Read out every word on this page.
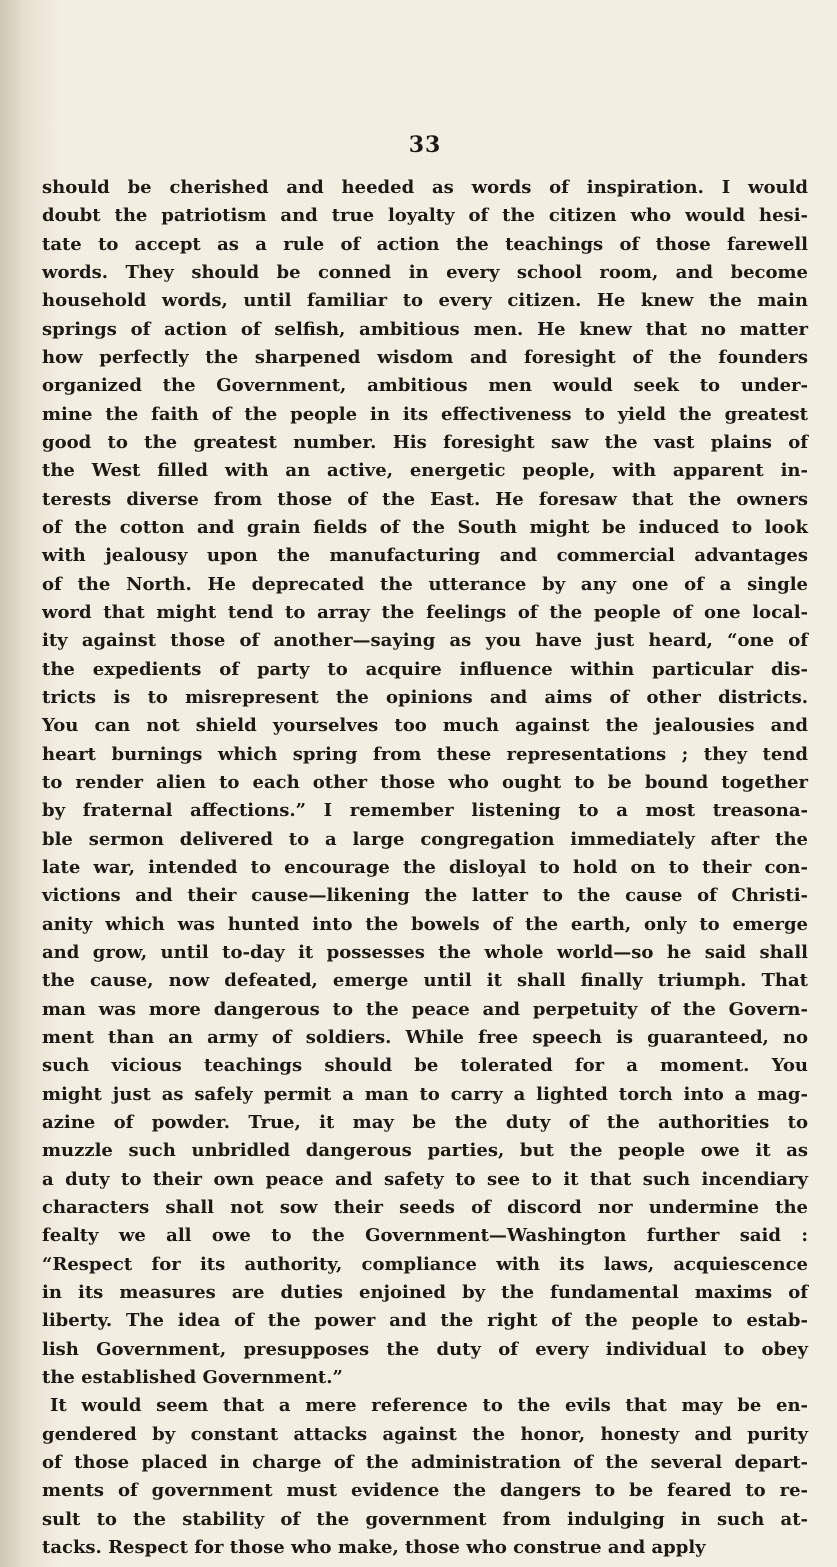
33
should be cherished and heeded as words of inspiration. I would
doubt the patriotism and true loyalty of the citizen who would hesi-
tate to accept as a rule of action the teachings of those farewell
words. They should be conned in every school room, and become
household words, until familiar to every citizen. He knew the main
springs of action of selfish, ambitious men. He knew that no matter
how perfectly the sharpened wisdom and foresight of the founders
organized the Government, ambitious men would seek to under-
mine the faith of the people in its effectiveness to yield the greatest
good to the greatest number. His foresight saw the vast plains of
the West filled with an active, energetic people, with apparent in-
terests diverse from those of the East. He foresaw that the owners
of the cotton and grain fields of the South might be induced to look
with jealousy upon the manufacturing and commercial advantages
of the North. He deprecated the utterance by any one of a single
word that might tend to array the feelings of the people of one local-
ity against those of another—saying as you have just heard, “one of
the expedients of party to acquire influence within particular dis-
tricts is to misrepresent the opinions and aims of other districts.
You can not shield yourselves too much against the jealousies and
heart burnings which spring from these representations ; they tend
to render alien to each other those who ought to be bound together
by fraternal affections.” I remember listening to a most treasona-
ble sermon delivered to a large congregation immediately after the
late war, intended to encourage the disloyal to hold on to their con-
victions and their cause—likening the latter to the cause of Christi-
anity which was hunted into the bowels of the earth, only to emerge
and grow, until to-day it possesses the whole world—so he said shall
the cause, now defeated, emerge until it shall finally triumph. That
man was more dangerous to the peace and perpetuity of the Govern-
ment than an army of soldiers. While free speech is guaranteed, no
such vicious teachings should be tolerated for a moment. You
might just as safely permit a man to carry a lighted torch into a mag-
azine of powder. True, it may be the duty of the authorities to
muzzle such unbridled dangerous parties, but the people owe it as
a duty to their own peace and safety to see to it that such incendiary
characters shall not sow their seeds of discord nor undermine the
fealty we all owe to the Government—Washington further said :
“Respect for its authority, compliance with its laws, acquiescence
in its measures are duties enjoined by the fundamental maxims of
liberty. The idea of the power and the right of the people to estab-
lish Government, presupposes the duty of every individual to obey
the established Government.”
It would seem that a mere reference to the evils that may be en-
gendered by constant attacks against the honor, honesty and purity
of those placed in charge of the administration of the several depart-
ments of government must evidence the dangers to be feared to re-
sult to the stability of the government from indulging in such at-
tacks. Respect for those who make, those who construe and apply
